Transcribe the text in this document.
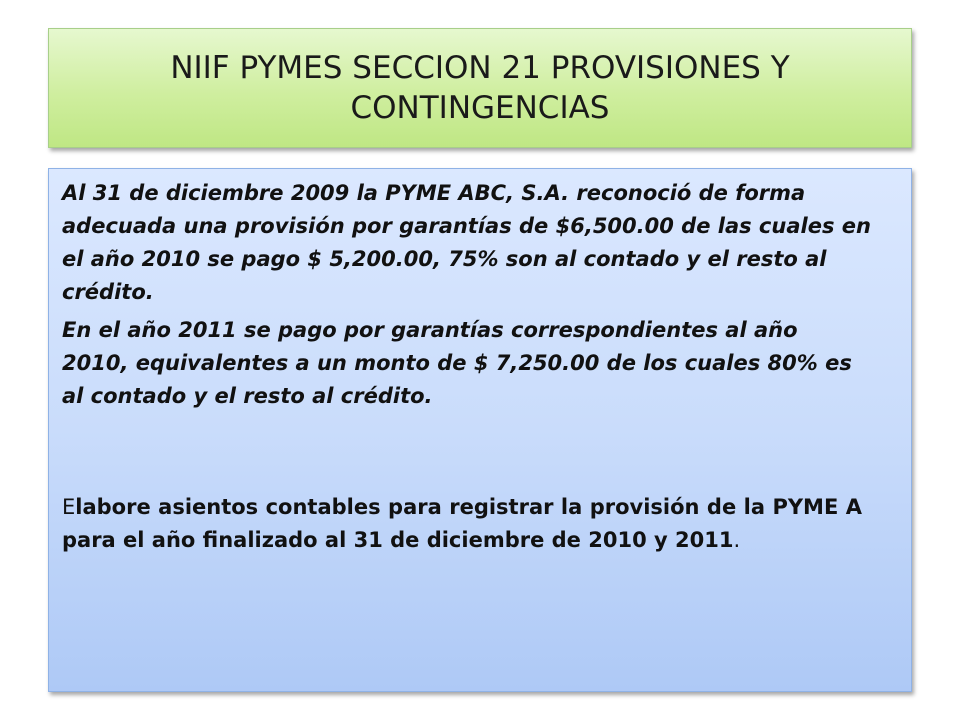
NIIF PYMES SECCION 21 PROVISIONES Y CONTINGENCIAS

Al 31 de diciembre 2009 la PYME ABC, S.A. reconoció de forma adecuada una provisión por garantías de $6,500.00 de las cuales en el año 2010 se pago $ 5,200.00, 75% son al contado y el resto al crédito.

En el año 2011 se pago por garantías correspondientes al año 2010, equivalentes a un monto de $ 7,250.00 de los cuales 80% es al contado y el resto al crédito.

Elabore asientos contables para registrar la provisión de la PYME A para el año finalizado al 31 de diciembre de 2010 y 2011.
